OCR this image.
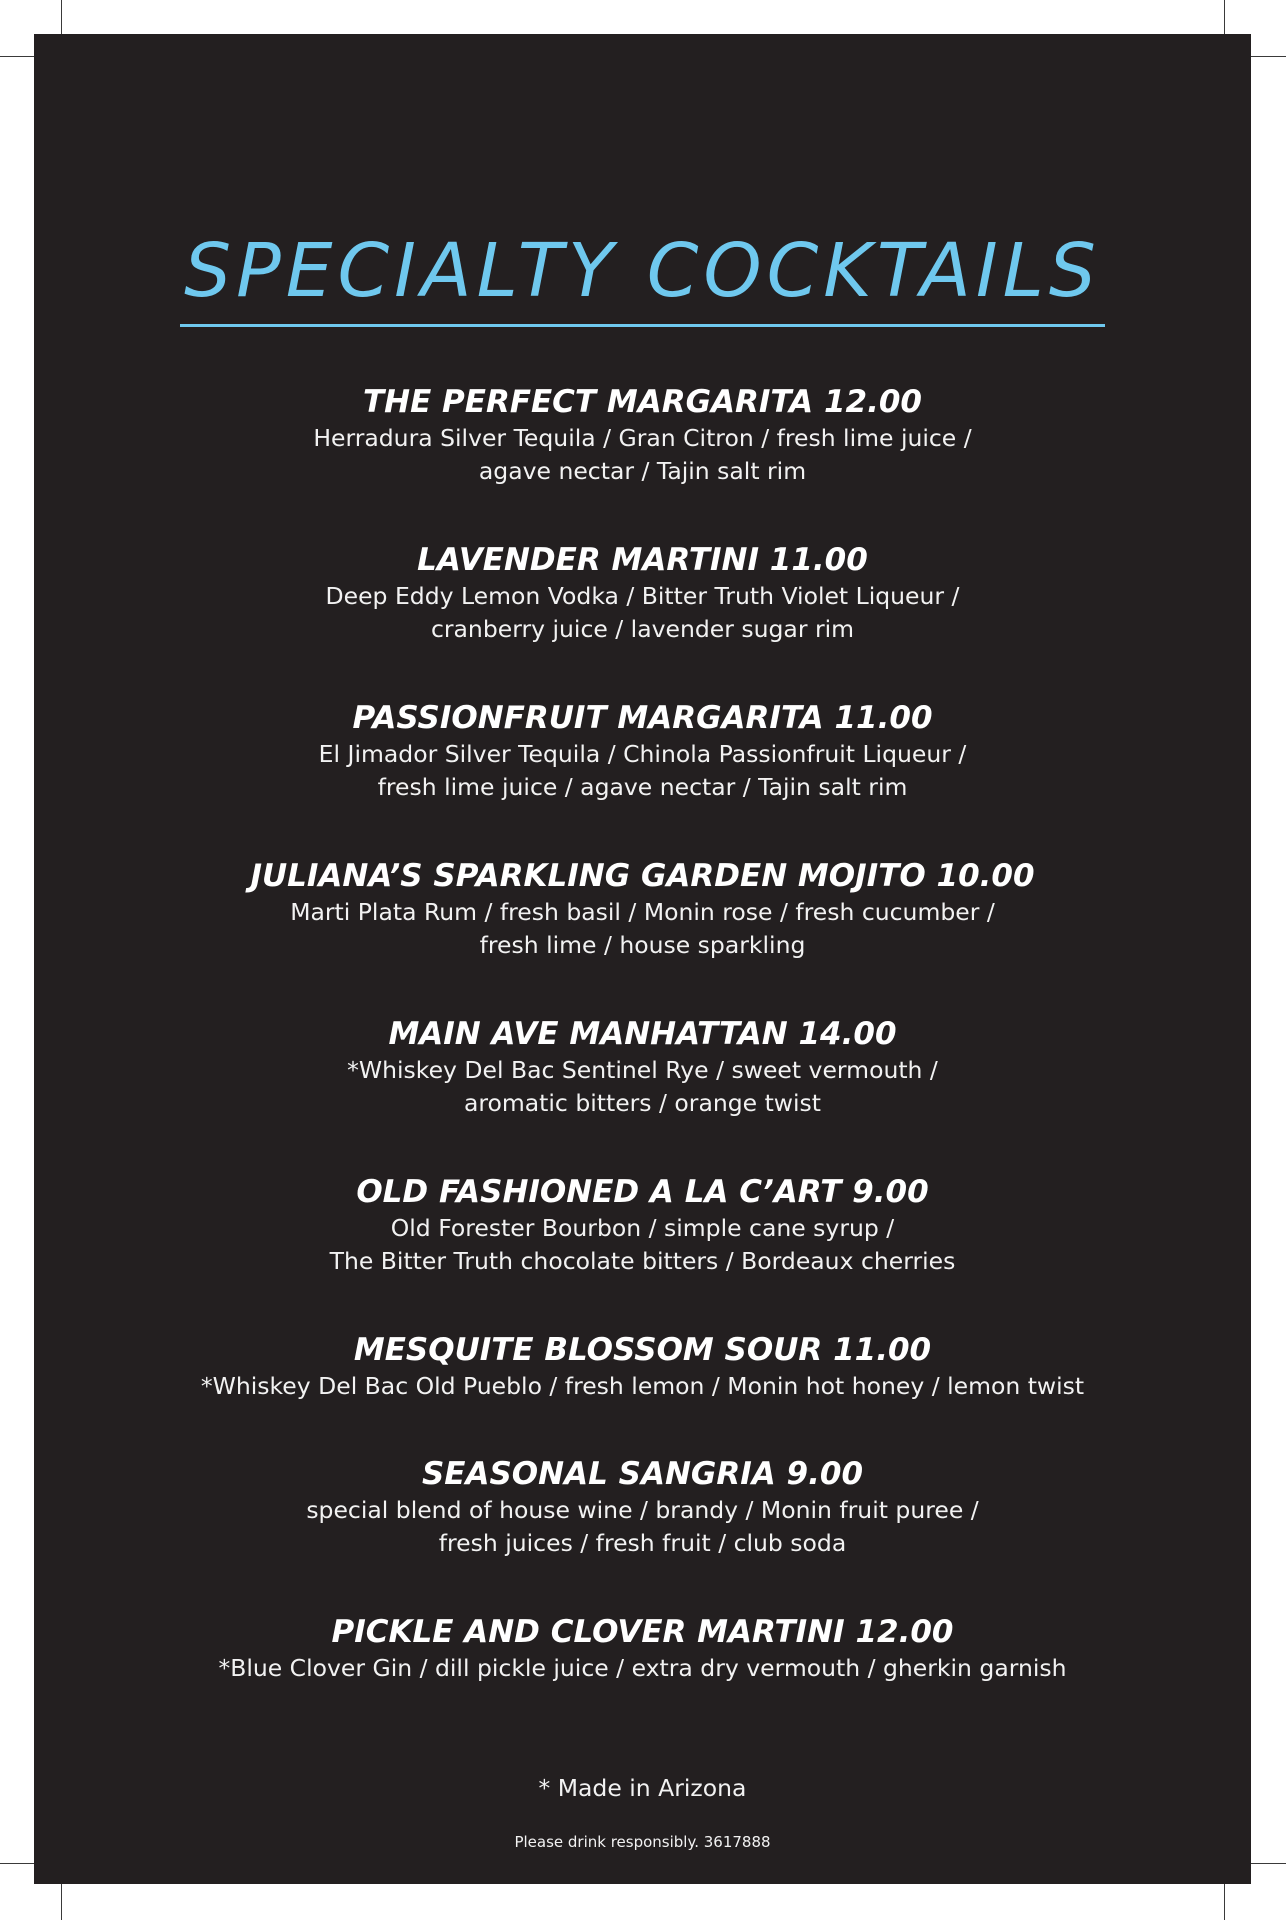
SPECIALTY COCKTAILS
THE PERFECT MARGARITA 12.00
Herradura Silver Tequila / Gran Citron / fresh lime juice /
agave nectar / Tajin salt rim
LAVENDER MARTINI 11.00
Deep Eddy Lemon Vodka / Bitter Truth Violet Liqueur /
cranberry juice / lavender sugar rim
PASSIONFRUIT MARGARITA 11.00
El Jimador Silver Tequila / Chinola Passionfruit Liqueur /
fresh lime juice / agave nectar / Tajin salt rim
JULIANA’S SPARKLING GARDEN MOJITO 10.00
Marti Plata Rum / fresh basil / Monin rose / fresh cucumber /
fresh lime / house sparkling
MAIN AVE MANHATTAN 14.00
*Whiskey Del Bac Sentinel Rye / sweet vermouth /
aromatic bitters / orange twist
OLD FASHIONED A LA C’ART 9.00
Old Forester Bourbon / simple cane syrup /
The Bitter Truth chocolate bitters / Bordeaux cherries
MESQUITE BLOSSOM SOUR 11.00
*Whiskey Del Bac Old Pueblo / fresh lemon / Monin hot honey / lemon twist
SEASONAL SANGRIA 9.00
special blend of house wine / brandy / Monin fruit puree /
fresh juices / fresh fruit / club soda
PICKLE AND CLOVER MARTINI 12.00
*Blue Clover Gin / dill pickle juice / extra dry vermouth / gherkin garnish
* Made in Arizona
Please drink responsibly. 3617888
